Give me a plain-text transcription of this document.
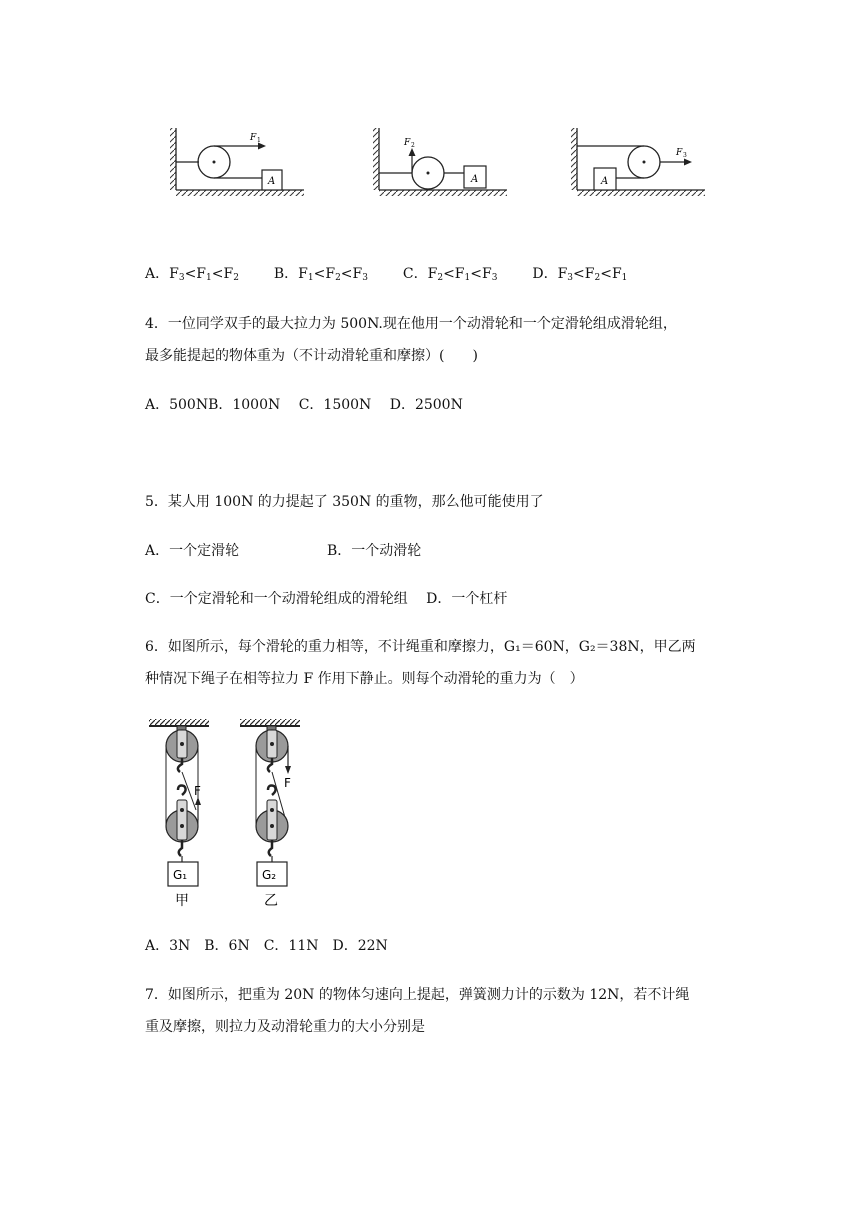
F 1
A
F 2
A
F 3
A
A．$F_3<F_1<F_2$ B．$F_1<F_2<F_3$ C．$F_2<F_1<F_3$ D．$F_3<F_2<F_1$
4．一位同学双手的最大拉力为 500N.现在他用一个动滑轮和一个定滑轮组成滑轮组，
最多能提起的物体重为（不计动滑轮重和摩擦）(　　)
A．500NB．1000N　 C．1500N　 D．2500N
5．某人用 100N 的力提起了 350N 的重物，那么他可能使用了
A．一个定滑轮	B．一个动滑轮
C．一个定滑轮和一个动滑轮组成的滑轮组　 D．一个杠杆
6．如图所示，每个滑轮的重力相等，不计绳重和摩擦力，G₁＝60N，G₂＝38N，甲乙两
种情况下绳子在相等拉力 F 作用下静止。则每个动滑轮的重力为（　）
F
G₁
甲
F
G₂
乙
A．3N　B．6N　C．11N　D．22N
7．如图所示，把重为 20N 的物体匀速向上提起，弹簧测力计的示数为 12N，若不计绳
重及摩擦，则拉力及动滑轮重力的大小分别是
